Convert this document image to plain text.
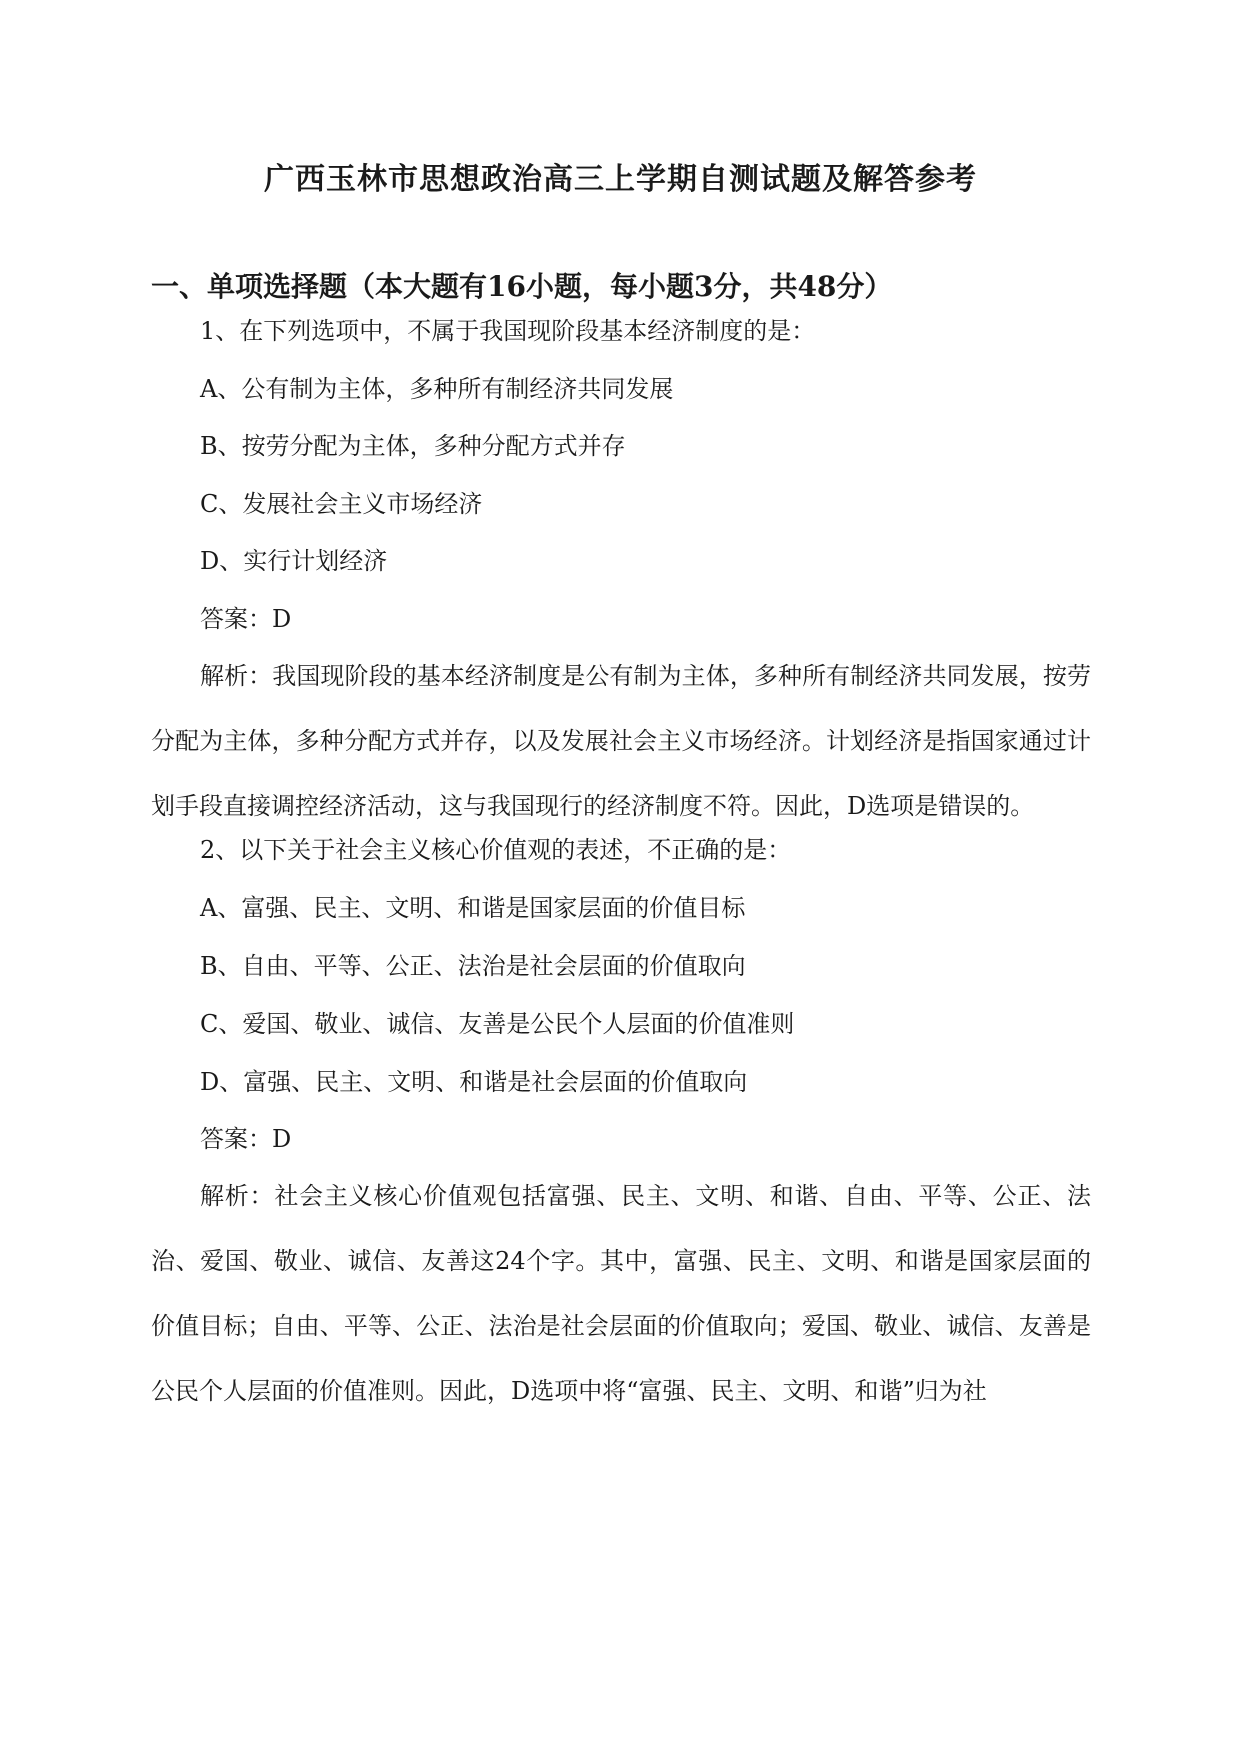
广西玉林市思想政治高三上学期自测试题及解答参考
一、单项选择题（本大题有16小题，每小题3分，共48分）

1、在下列选项中，不属于我国现阶段基本经济制度的是：

A、公有制为主体，多种所有制经济共同发展

B、按劳分配为主体，多种分配方式并存

C、发展社会主义市场经济

D、实行计划经济

答案：D

解析：我国现阶段的基本经济制度是公有制为主体，多种所有制经济共同发展，按劳分配为主体，多种分配方式并存，以及发展社会主义市场经济。计划经济是指国家通过计划手段直接调控经济活动，这与我国现行的经济制度不符。因此，D选项是错误的。

2、以下关于社会主义核心价值观的表述，不正确的是：

A、富强、民主、文明、和谐是国家层面的价值目标

B、自由、平等、公正、法治是社会层面的价值取向

C、爱国、敬业、诚信、友善是公民个人层面的价值准则

D、富强、民主、文明、和谐是社会层面的价值取向

答案：D

解析：社会主义核心价值观包括富强、民主、文明、和谐、自由、平等、公正、法治、爱国、敬业、诚信、友善这24个字。其中，富强、民主、文明、和谐是国家层面的价值目标；自由、平等、公正、法治是社会层面的价值取向；爱国、敬业、诚信、友善是公民个人层面的价值准则。因此，D选项中将“富强、民主、文明、和谐”归为社
